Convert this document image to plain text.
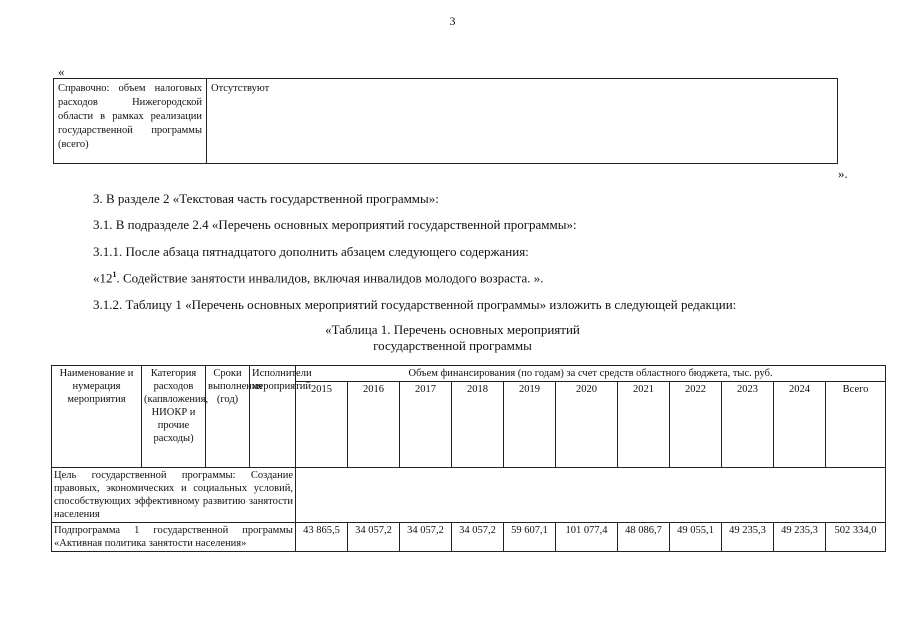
3
«
Справочно: объем налоговых расходов Нижегородской области в рамках реализации государственной программы (всего)	Отсутствуют
».
3. В разделе 2 «Текстовая часть государственной программы»:
3.1. В подразделе 2.4 «Перечень основных мероприятий государственной программы»:
3.1.1. После абзаца пятнадцатого дополнить абзацем следующего содержания:
«$12^1$. Содействие занятости инвалидов, включая инвалидов молодого возраста. ».
3.1.2. Таблицу 1 «Перечень основных мероприятий государственной программы» изложить в следующей редакции:
«Таблица 1. Перечень основных мероприятий
государственной программы
Наименование и нумерация мероприятия	Категория расходов (капвложения, НИОКР и прочие расходы)	Сроки выполнения (год)	Исполнители мероприятий	Объем финансирования (по годам) за счет средств областного бюджета, тыс. руб.										
				2015	2016	2017	2018	2019	2020	2021	2022	2023	2024	Всего
Цель государственной программы: Создание правовых, экономических и социальных условий, способствующих эффективному развитию занятости населения														

Подпрограмма 1 государственной программы «Активная политика занятости населения»				43 865,5	34 057,2	34 057,2	34 057,2	59 607,1	101 077,4	48 086,7	49 055,1	49 235,3	49 235,3	502 334,0
